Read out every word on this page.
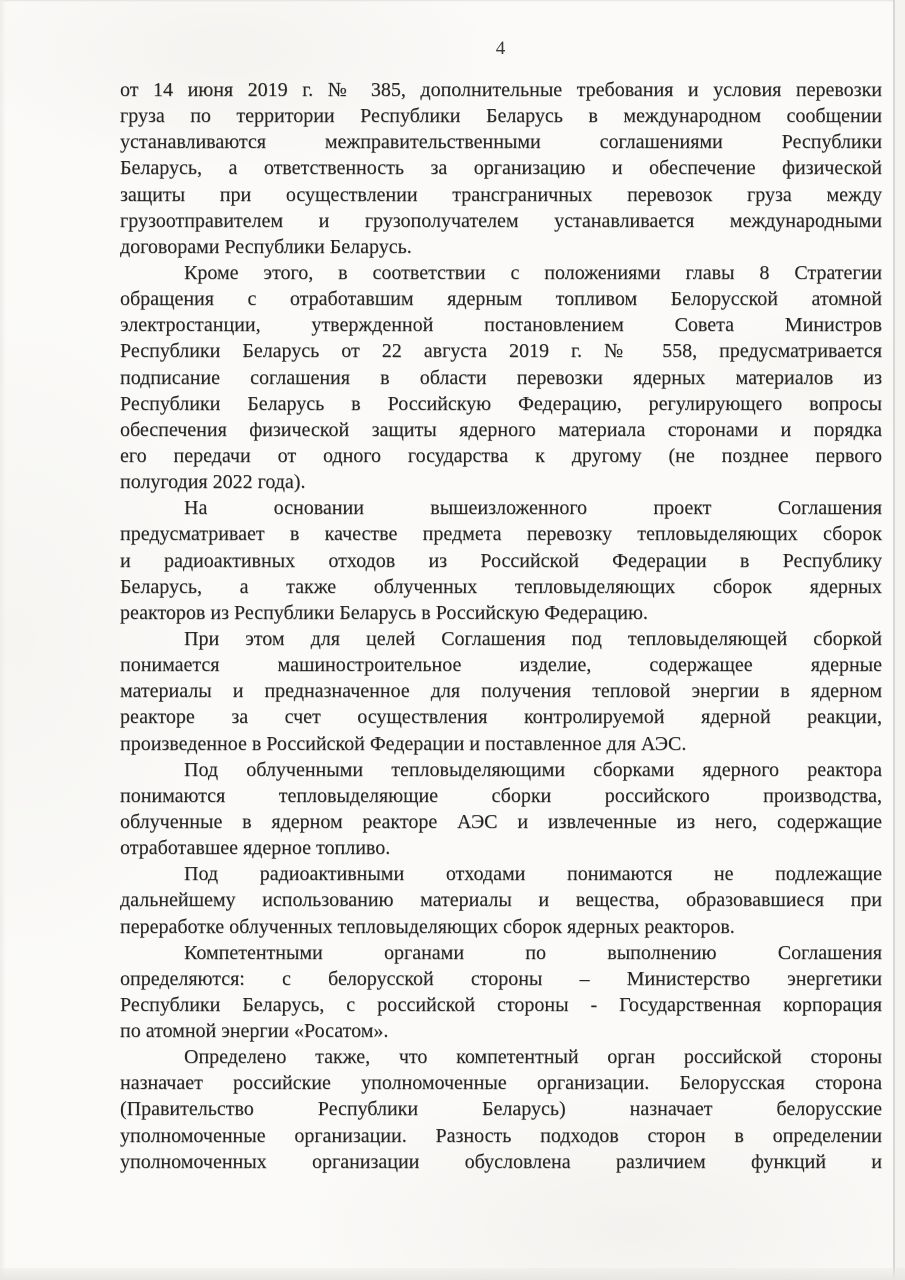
4
от 14 июня 2019 г. № 385, дополнительные требования и условия перевозки
груза по территории Республики Беларусь в международном сообщении
устанавливаются межправительственными соглашениями Республики
Беларусь, а ответственность за организацию и обеспечение физической
защиты при осуществлении трансграничных перевозок груза между
грузоотправителем и грузополучателем устанавливается международными
договорами Республики Беларусь.
Кроме этого, в соответствии с положениями главы 8 Стратегии
обращения с отработавшим ядерным топливом Белорусской атомной
электростанции, утвержденной постановлением Совета Министров
Республики Беларусь от 22 августа 2019 г. № 558, предусматривается
подписание соглашения в области перевозки ядерных материалов из
Республики Беларусь в Российскую Федерацию, регулирующего вопросы
обеспечения физической защиты ядерного материала сторонами и порядка
его передачи от одного государства к другому (не позднее первого
полугодия 2022 года).
На основании вышеизложенного проект Соглашения
предусматривает в качестве предмета перевозку тепловыделяющих сборок
и радиоактивных отходов из Российской Федерации в Республику
Беларусь, а также облученных тепловыделяющих сборок ядерных
реакторов из Республики Беларусь в Российскую Федерацию.
При этом для целей Соглашения под тепловыделяющей сборкой
понимается машиностроительное изделие, содержащее ядерные
материалы и предназначенное для получения тепловой энергии в ядерном
реакторе за счет осуществления контролируемой ядерной реакции,
произведенное в Российской Федерации и поставленное для АЭС.
Под облученными тепловыделяющими сборками ядерного реактора
понимаются тепловыделяющие сборки российского производства,
облученные в ядерном реакторе АЭС и извлеченные из него, содержащие
отработавшее ядерное топливо.
Под радиоактивными отходами понимаются не подлежащие
дальнейшему использованию материалы и вещества, образовавшиеся при
переработке облученных тепловыделяющих сборок ядерных реакторов.
Компетентными органами по выполнению Соглашения
определяются: с белорусской стороны – Министерство энергетики
Республики Беларусь, с российской стороны - Государственная корпорация
по атомной энергии «Росатом».
Определено также, что компетентный орган российской стороны
назначает российские уполномоченные организации. Белорусская сторона
(Правительство Республики Беларусь) назначает белорусские
уполномоченные организации. Разность подходов сторон в определении
уполномоченных организации обусловлена различием функций и
